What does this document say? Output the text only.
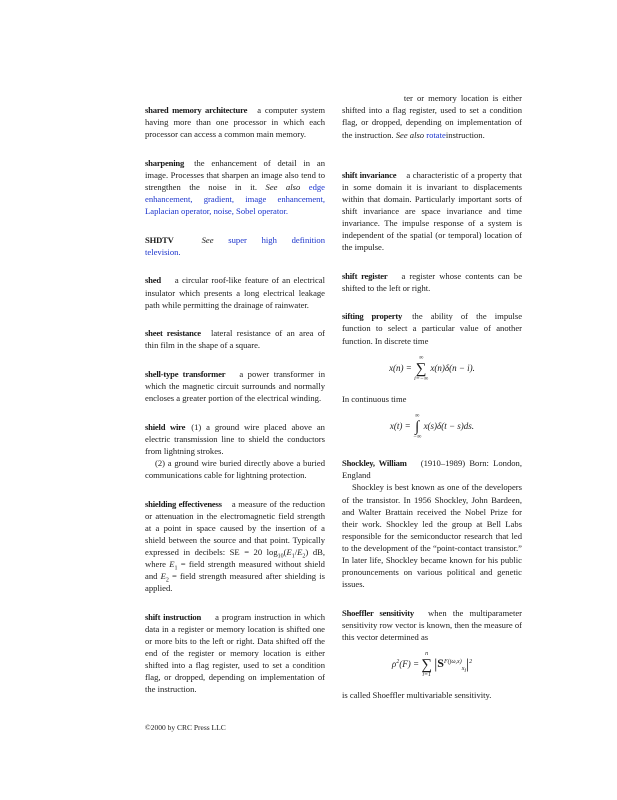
shared memory architecture a computer system having more than one processor in which each processor can access a common main memory.

sharpening the enhancement of detail in an image. Processes that sharpen an image also tend to strengthen the noise in it. See also edge enhancement, gradient, image enhancement, Laplacian operator, noise, Sobel operator.

SHDTV	See super high definition television.

shed a circular roof-like feature of an electrical insulator which presents a long electrical leakage path while permitting the drainage of rainwater.

sheet resistance lateral resistance of an area of thin film in the shape of a square.

shell-type transformer a power transformer in which the magnetic circuit surrounds and normally encloses a greater portion of the electrical winding.

shield wire (1) a ground wire placed above an electric transmission line to shield the conductors from lightning strokes.

(2) a ground wire buried directly above a buried communications cable for lightning protection.

shielding effectiveness a measure of the reduction or attenuation in the electromagnetic field strength at a point in space caused by the insertion of a shield between the source and that point. Typically expressed in decibels: SE = 20 $\log_{10}(E_1/E_2)$ dB, where $E_1$ = field strength measured without shield and $E_2$ = field strength measured after shielding is applied.

shift instruction a program instruction in which data in a register or memory location is shifted one or more bits to the left or right. Data shifted off the end of the register or memory location is either shifted into a flag register, used to set a condition flag, or dropped, depending on implementation of the instruction.

ter or memory location is either shifted into a flag register, used to set a condition flag, or dropped, depending on implementation of the instruction. See also rotateinstruction.

shift invariance a characteristic of a property that in some domain it is invariant to displacements within that domain. Particularly important sorts of shift invariance are space invariance and time invariance. The impulse response of a system is independent of the spatial (or temporal) location of the impulse.

shift register a register whose contents can be shifted to the left or right.

sifting property the ability of the impulse function to select a particular value of another function. In discrete time

x(n) = ∞
∑
i=−∞ x(n)δ(n − i).

In continuous time

x(t) = ∞
∫
−∞ x(s)δ(t − s)ds.

Shockley, William (1910–1989) Born: London, England

Shockley is best known as one of the developers of the transistor. In 1956 Shockley, John Bardeen, and Walter Brattain received the Nobel Prize for their work. Shockley led the group at Bell Labs responsible for the semiconductor research that led to the development of the “point-contact transistor.” In later life, Shockley became known for his public pronouncements on various political and genetic issues.

Shoeffler sensitivity when the multiparameter sensitivity row vector is known, then the measure of this vector determined as

$\rho^2(F) = n$
∑
i=1 $|S^{F(j\omega,x)}_{x_i}|^2$

is called Shoeffler multivariable sensitivity.

©2000 by CRC Press LLC
